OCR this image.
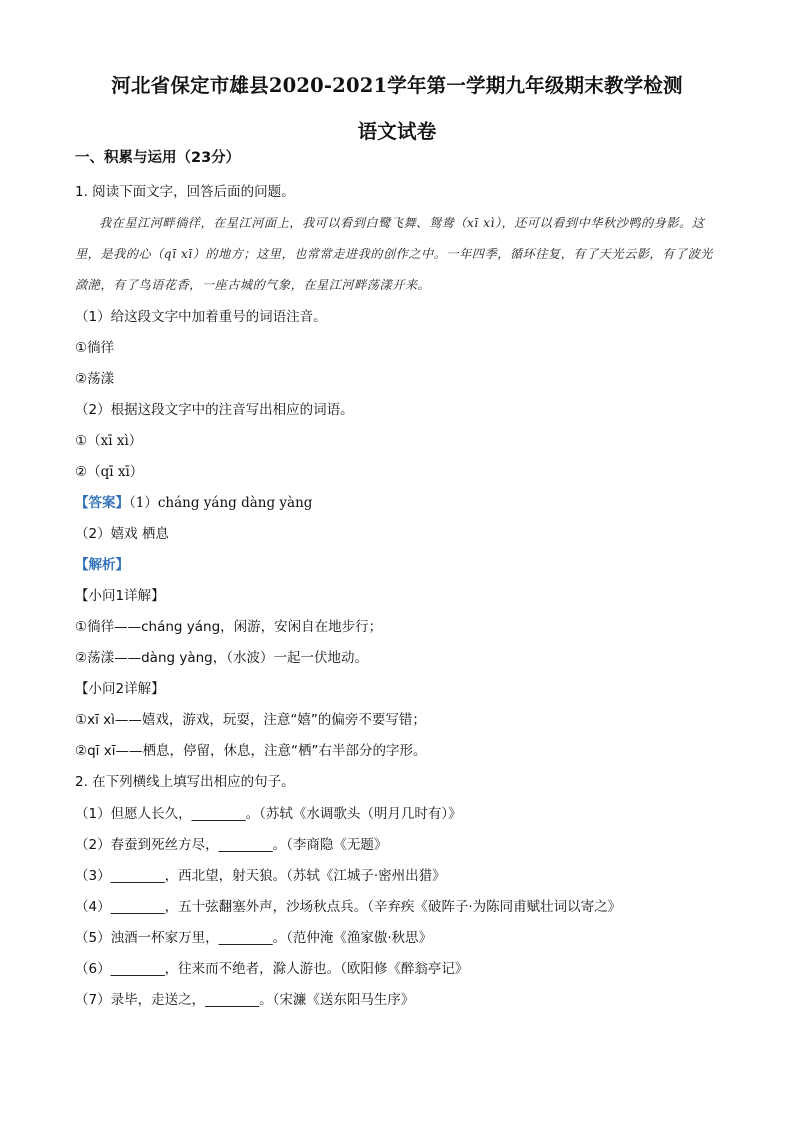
河北省保定市雄县2020-2021学年第一学期九年级期末教学检测
语文试卷
一、积累与运用（23分）
1. 阅读下面文字，回答后面的问题。
我在星江河畔徜徉，在星江河面上，我可以看到白鹭飞舞、鸳鸯（xī xì），还可以看到中华秋沙鸭的身影。这里，是我的心（qī xī）的地方；这里，也常常走进我的创作之中。一年四季，循环往复，有了天光云影，有了波光潋滟，有了鸟语花香，一座古城的气象，在星江河畔荡漾开来。
（1）给这段文字中加着重号的词语注音。
①徜徉
②荡漾
（2）根据这段文字中的注音写出相应的词语。
①（xī xì）
②（qī xī）
【答案】（1）cháng yáng dàng yàng
（2）嬉戏 栖息
【解析】
【小问1详解】
①徜徉——cháng yáng，闲游，安闲自在地步行；
②荡漾——dàng yàng，（水波）一起一伏地动。
【小问2详解】
①xī xì——嬉戏，游戏，玩耍，注意“嬉”的偏旁不要写错；
②qī xī——栖息，停留，休息，注意“栖”右半部分的字形。
2. 在下列横线上填写出相应的句子。
（1）但愿人长久，________。（苏轼《水调歌头（明月几时有）》
（2）春蚕到死丝方尽，________。（李商隐《无题》
（3）________，西北望，射天狼。（苏轼《江城子·密州出猎》
（4）________，五十弦翻塞外声，沙场秋点兵。（辛弃疾《破阵子·为陈同甫赋壮词以寄之》
（5）浊酒一杯家万里，________。（范仲淹《渔家傲·秋思》
（6）________，往来而不绝者，滁人游也。（欧阳修《醉翁亭记》
（7）录毕，走送之，________。（宋濂《送东阳马生序》
